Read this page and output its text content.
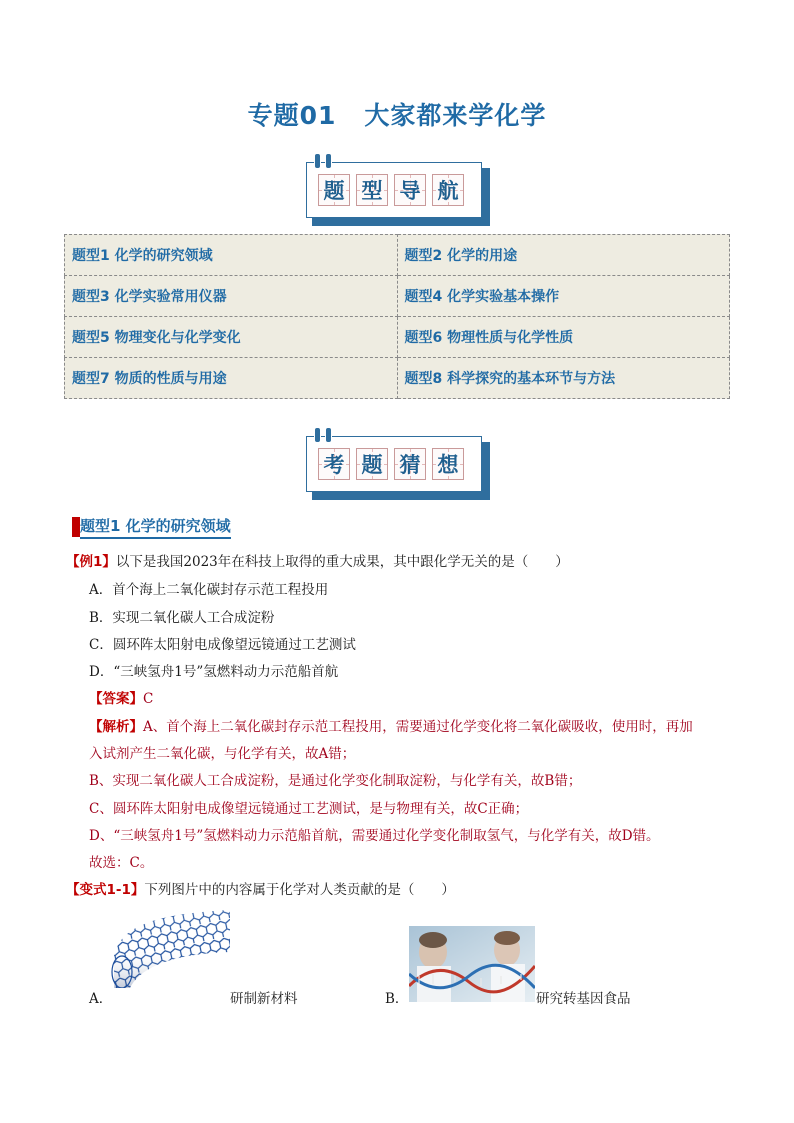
专题01 大家都来学化学
题 型 导 航
题型1 化学的研究领域	题型2 化学的用途
题型3 化学实验常用仪器	题型4 化学实验基本操作
题型5 物理变化与化学变化	题型6 物理性质与化学性质
题型7 物质的性质与用途	题型8 科学探究的基本环节与方法
考 题 猜 想
题型1 化学的研究领域
【例1】以下是我国2023年在科技上取得的重大成果，其中跟化学无关的是（　　）
A．首个海上二氧化碳封存示范工程投用
B．实现二氧化碳人工合成淀粉
C．圆环阵太阳射电成像望远镜通过工艺测试
D．“三峡氢舟1号”氢燃料动力示范船首航
【答案】C
【解析】A、首个海上二氧化碳封存示范工程投用，需要通过化学变化将二氧化碳吸收，使用时，再加
入试剂产生二氧化碳，与化学有关，故A错；
B、实现二氧化碳人工合成淀粉，是通过化学变化制取淀粉，与化学有关，故B错；
C、圆环阵太阳射电成像望远镜通过工艺测试，是与物理有关，故C正确；
D、“三峡氢舟1号”氢燃料动力示范船首航，需要通过化学变化制取氢气，与化学有关，故D错。
故选：C。
【变式1-1】下列图片中的内容属于化学对人类贡献的是（　　）
A．	研制新材料	B．	研究转基因食品
